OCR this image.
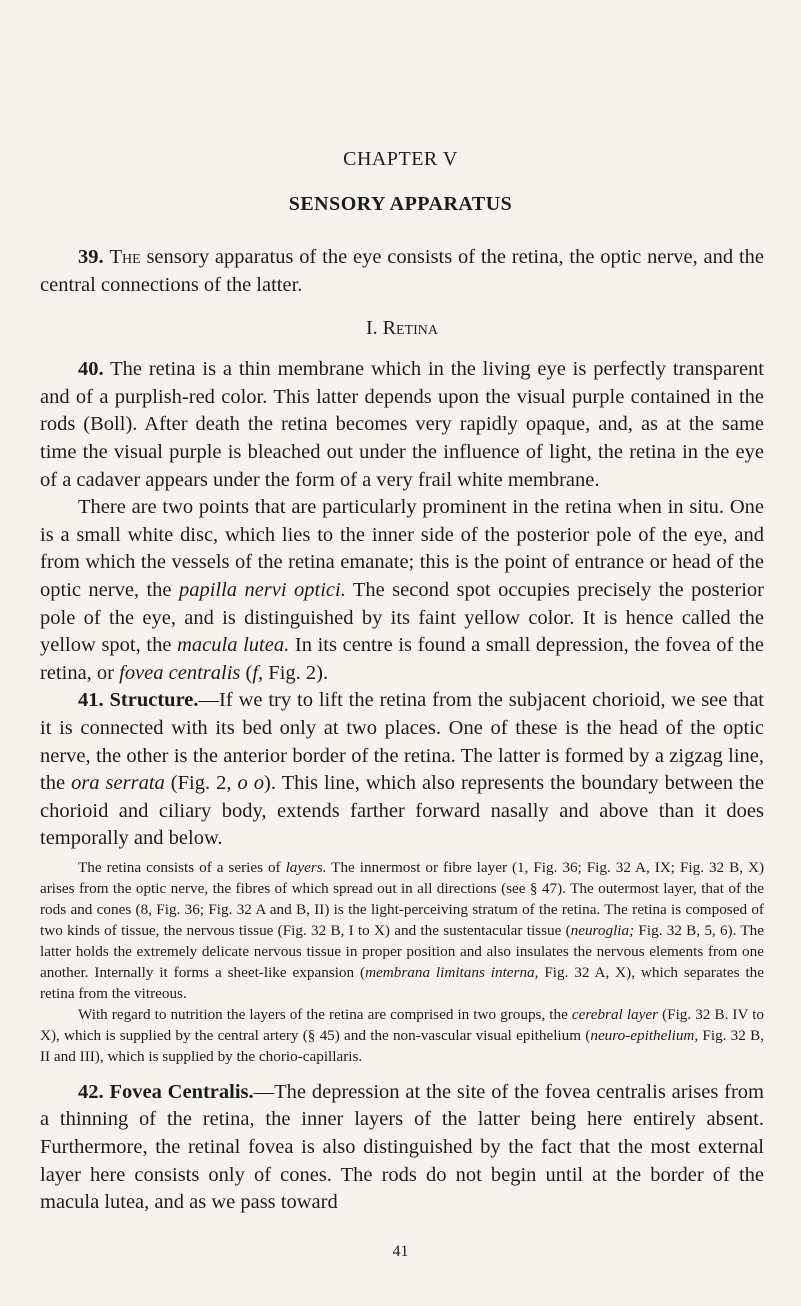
CHAPTER V
SENSORY APPARATUS

39. The sensory apparatus of the eye consists of the retina, the optic nerve, and the central connections of the latter.

I. Retina

40. The retina is a thin membrane which in the living eye is perfectly transparent and of a purplish-red color. This latter depends upon the visual purple contained in the rods (Boll). After death the retina becomes very rapidly opaque, and, as at the same time the visual purple is bleached out under the influence of light, the retina in the eye of a cadaver appears under the form of a very frail white membrane.

There are two points that are particularly prominent in the retina when in situ. One is a small white disc, which lies to the inner side of the posterior pole of the eye, and from which the vessels of the retina emanate; this is the point of entrance or head of the optic nerve, the papilla nervi optici. The second spot occupies precisely the posterior pole of the eye, and is distinguished by its faint yellow color. It is hence called the yellow spot, the macula lutea. In its centre is found a small depression, the fovea of the retina, or fovea centralis (f, Fig. 2).

41. Structure.—If we try to lift the retina from the subjacent chorioid, we see that it is connected with its bed only at two places. One of these is the head of the optic nerve, the other is the anterior border of the retina. The latter is formed by a zigzag line, the ora serrata (Fig. 2, o o). This line, which also represents the boundary between the chorioid and ciliary body, extends farther forward nasally and above than it does temporally and below.

The retina consists of a series of layers. The innermost or fibre layer (1, Fig. 36; Fig. 32 A, IX; Fig. 32 B, X) arises from the optic nerve, the fibres of which spread out in all directions (see § 47). The outermost layer, that of the rods and cones (8, Fig. 36; Fig. 32 A and B, II) is the light-perceiving stratum of the retina. The retina is composed of two kinds of tissue, the nervous tissue (Fig. 32 B, I to X) and the sustentacular tissue (neuroglia; Fig. 32 B, 5, 6). The latter holds the extremely delicate nervous tissue in proper position and also insulates the nervous elements from one another. Internally it forms a sheet-like expansion (membrana limitans interna, Fig. 32 A, X), which separates the retina from the vitreous.

With regard to nutrition the layers of the retina are comprised in two groups, the cerebral layer (Fig. 32 B. IV to X), which is supplied by the central artery (§ 45) and the non-vascular visual epithelium (neuro-epithelium, Fig. 32 B, II and III), which is supplied by the chorio-capillaris.

42. Fovea Centralis.—The depression at the site of the fovea centralis arises from a thinning of the retina, the inner layers of the latter being here entirely absent. Furthermore, the retinal fovea is also distinguished by the fact that the most external layer here consists only of cones. The rods do not begin until at the border of the macula lutea, and as we pass toward

41
